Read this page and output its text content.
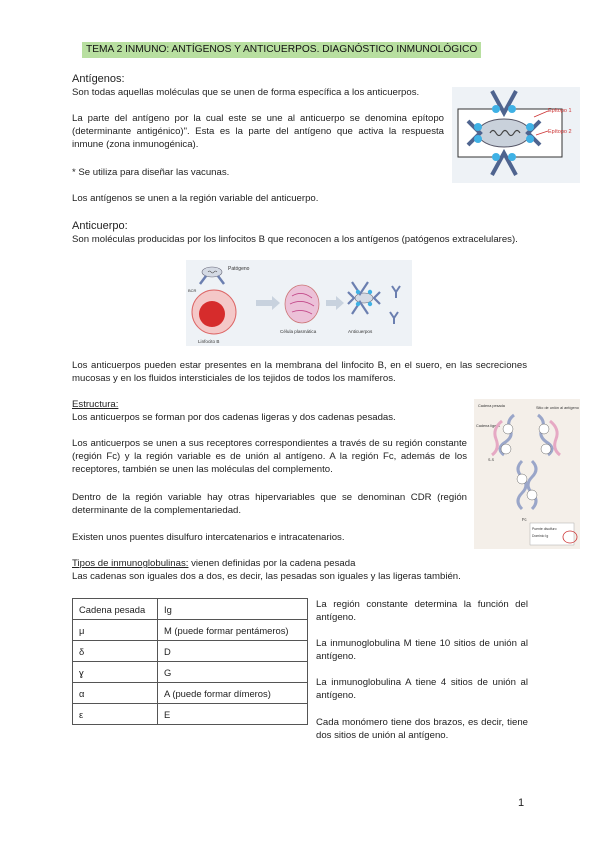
TEMA 2 INMUNO: ANTÍGENOS Y ANTICUERPOS. DIAGNÓSTICO INMUNOLÓGICO
Antígenos:
Son todas aquellas moléculas que se unen de forma específica a los anticuerpos.
La parte del antígeno por la cual este se une al anticuerpo se denomina epítopo (determinante antigénico)". Esta es la parte del antígeno que activa la respuesta inmune (zona inmunogénica).
* Se utiliza para diseñar las vacunas.
Los antígenos se unen a la región variable del anticuerpo.
Epítopo 1
Epítopo 2
Anticuerpo:
Son moléculas producidas por los linfocitos B que reconocen a los antígenos (patógenos extracelulares).
Patógeno
BCR
Linfocito B
Célula plasmática	Anticuerpos
Los anticuerpos pueden estar presentes en la membrana del linfocito B, en el suero, en las secreciones mucosas y en los fluidos intersticiales de los tejidos de todos los mamíferos.
Estructura:
Los anticuerpos se forman por dos cadenas ligeras y dos cadenas pesadas.
Los anticuerpos se unen a sus receptores correspondientes a través de su región constante (región Fc) y la región variable es de unión al antígeno. A la región Fc, además de los receptores, también se unen las moléculas del complemento.
Dentro de la región variable hay otras hipervariables que se denominan CDR (región determinante de la complementariedad.
Existen unos puentes disulfuro intercatenarios e intracatenarios.
Cadena pesada
Cadena ligera
Sitio de unión al antígeno
S-S
Fc
Puente disulfuro
Dominio Ig
Tipos de inmunoglobulinas: vienen definidas por la cadena pesada
Las cadenas son iguales dos a dos, es decir, las pesadas son iguales y las ligeras también.
Cadena pesada	Ig
μ	M (puede formar pentámeros)
δ	D
ɣ	G
α	A (puede formar dímeros)
ε	E
La región constante determina la función del antígeno.
La inmunoglobulina M tiene 10 sitios de unión al antígeno.
La inmunoglobulina A tiene 4 sitios de unión al antígeno.
Cada monómero tiene dos brazos, es decir, tiene dos sitios de unión al antígeno.
1
